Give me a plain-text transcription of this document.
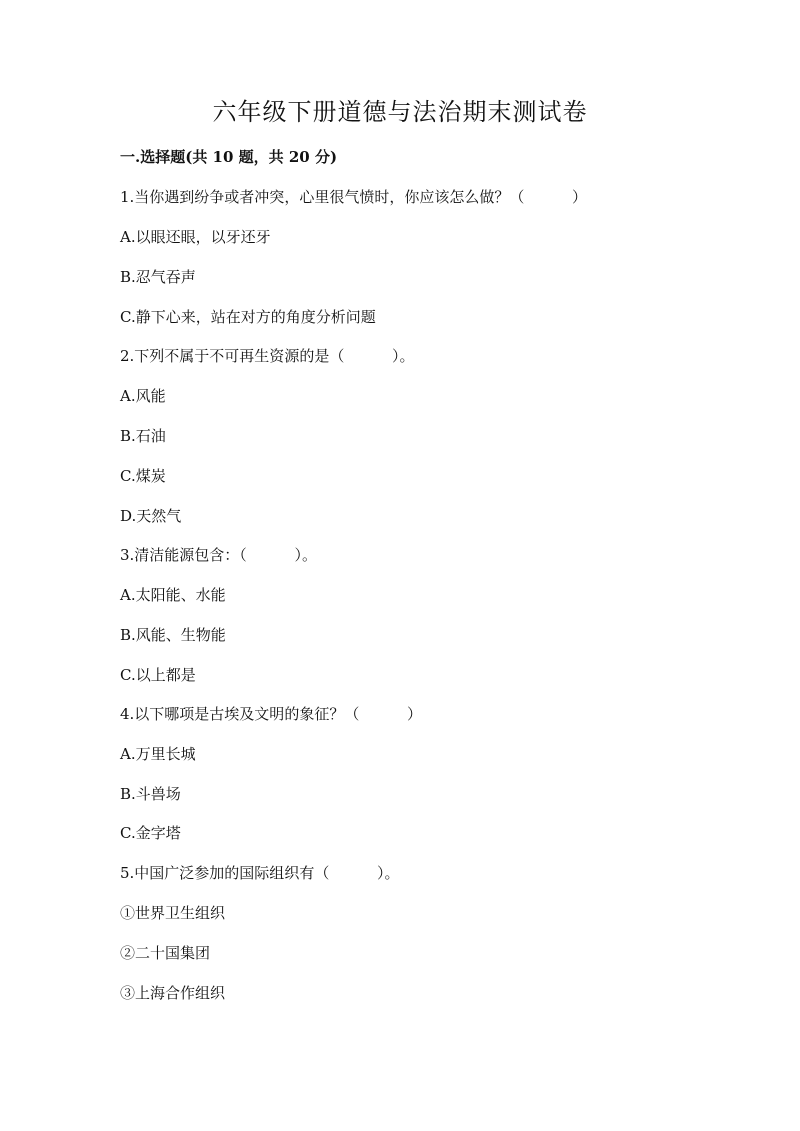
六年级下册道德与法治期末测试卷
一.选择题(共 10 题，共 20 分)
1.当你遇到纷争或者冲突，心里很气愤时，你应该怎么做？（          ）
A.以眼还眼，以牙还牙
B.忍气吞声
C.静下心来，站在对方的角度分析问题
2.下列不属于不可再生资源的是（          ）。
A.风能
B.石油
C.煤炭
D.天然气
3.清洁能源包含：（          ）。
A.太阳能、水能
B.风能、生物能
C.以上都是
4.以下哪项是古埃及文明的象征？（          ）
A.万里长城
B.斗兽场
C.金字塔
5.中国广泛参加的国际组织有（          ）。
①世界卫生组织
②二十国集团
③上海合作组织
